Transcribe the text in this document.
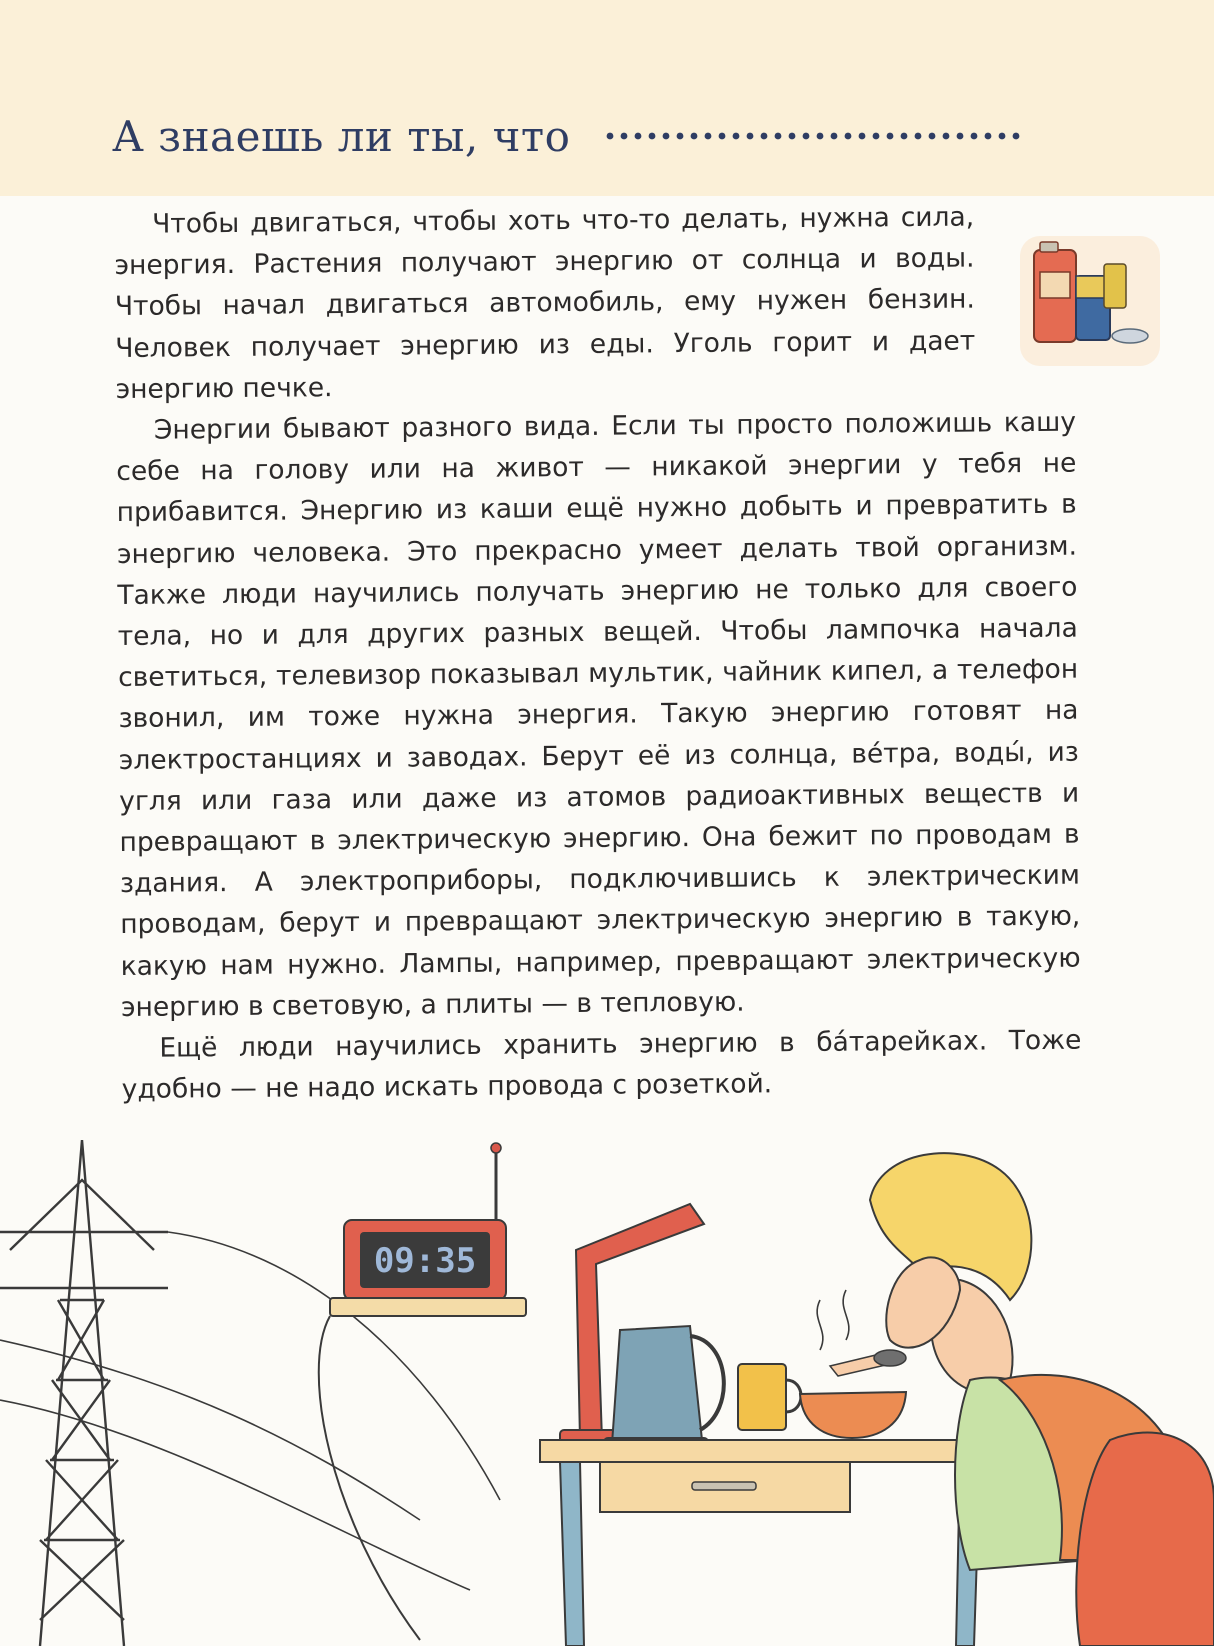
А знаешь ли ты, что

Чтобы двигаться, чтобы хоть что-то делать, нужна сила, энергия. Растения получают энергию от солнца и воды. Чтобы начал двигаться автомобиль, ему нужен бензин. Человек получает энергию из еды. Уголь горит и дает энергию печке.

Энергии бывают разного вида. Если ты просто положишь кашу себе на голову или на живот — никакой энергии у тебя не прибавится. Энергию из каши ещё нужно добыть и превратить в энергию человека. Это прекрасно умеет делать твой организм. Также люди научились получать энергию не только для своего тела, но и для других разных вещей. Чтобы лампочка начала светиться, телевизор показывал мультик, чайник кипел, а телефон звонил, им тоже нужна энергия. Такую энергию готовят на электростанциях и заводах. Берут её из солнца, вéтра, воды́, из угля или газа или даже из атомов радиоактивных веществ и превращают в электрическую энергию. Она бежит по проводам в здания. А электроприборы, подключившись к электрическим проводам, берут и превращают электрическую энергию в такую, какую нам нужно. Лампы, например, превращают электрическую энергию в световую, а плиты — в тепловую.

Ещё люди научились хранить энергию в бáтарейках. Тоже удобно — не надо искать провода с розеткой.

09:35
